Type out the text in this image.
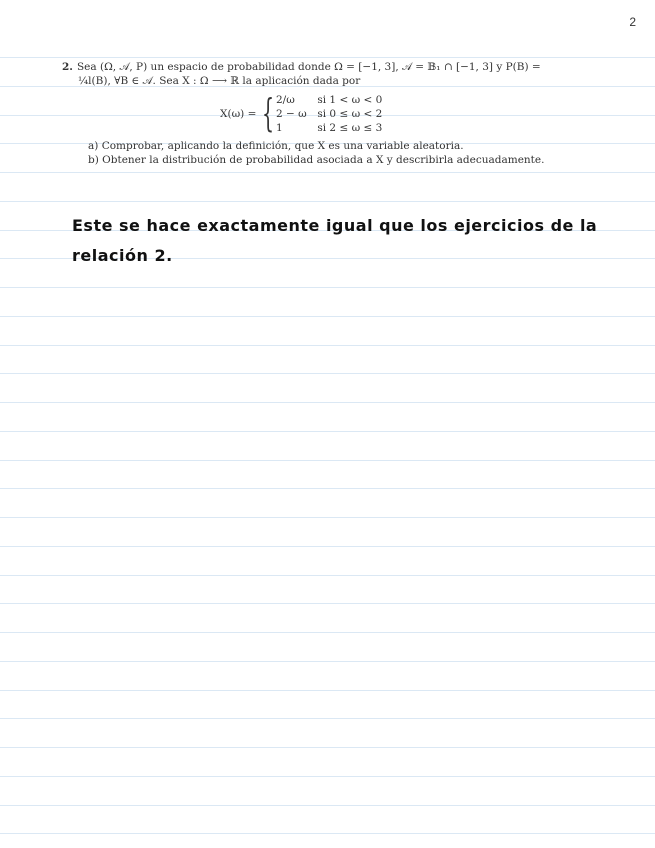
2
2. Sea (Ω, 𝒜, P) un espacio de probabilidad donde Ω = [−1, 3], 𝒜 = 𝔹₁ ∩ [−1, 3] y P(B) =
¼l(B), ∀B ∈ 𝒜. Sea X : Ω ⟶ ℝ la aplicación dada por
X(ω) = { 2/ω si 1 < ω < 0
2 − ω si 0 ≤ ω < 2
1	si 2 ≤ ω ≤ 3
a) Comprobar, aplicando la definición, que X es una variable aleatoria.
b) Obtener la distribución de probabilidad asociada a X y describirla adecuadamente.
Este se hace exactamente igual que los ejercicios de la
relación 2.
